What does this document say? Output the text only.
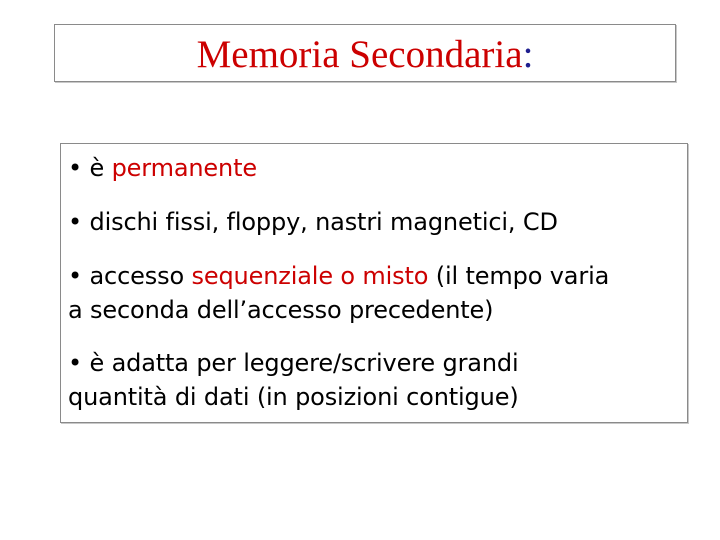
Memoria Secondaria:
• è permanente
• dischi fissi, floppy, nastri magnetici, CD
• accesso sequenziale o misto (il tempo varia
a seconda dell’accesso precedente)
• è adatta per leggere/scrivere grandi
quantità di dati (in posizioni contigue)
